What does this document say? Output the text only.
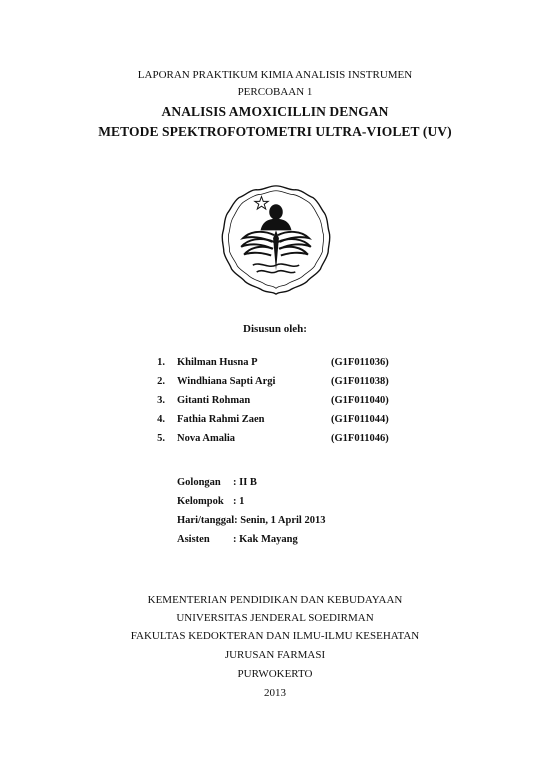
LAPORAN PRAKTIKUM KIMIA ANALISIS INSTRUMEN
PERCOBAAN 1
ANALISIS AMOXICILLIN DENGAN
METODE SPEKTROFOTOMETRI ULTRA-VIOLET (UV)
Disusun oleh:
1. Khilman Husna P	(G1F011036)
2. Windhiana Sapti Argi	(G1F011038)
3. Gitanti Rohman	(G1F011040)
4. Fathia Rahmi Zaen	(G1F011044)
5. Nova Amalia	(G1F011046)
Golongan : II B
Kelompok : 1
Hari/tanggal: Senin, 1 April 2013
Asisten : Kak Mayang
KEMENTERIAN PENDIDIKAN DAN KEBUDAYAAN
UNIVERSITAS JENDERAL SOEDIRMAN
FAKULTAS KEDOKTERAN DAN ILMU-ILMU KESEHATAN
JURUSAN FARMASI
PURWOKERTO
2013
